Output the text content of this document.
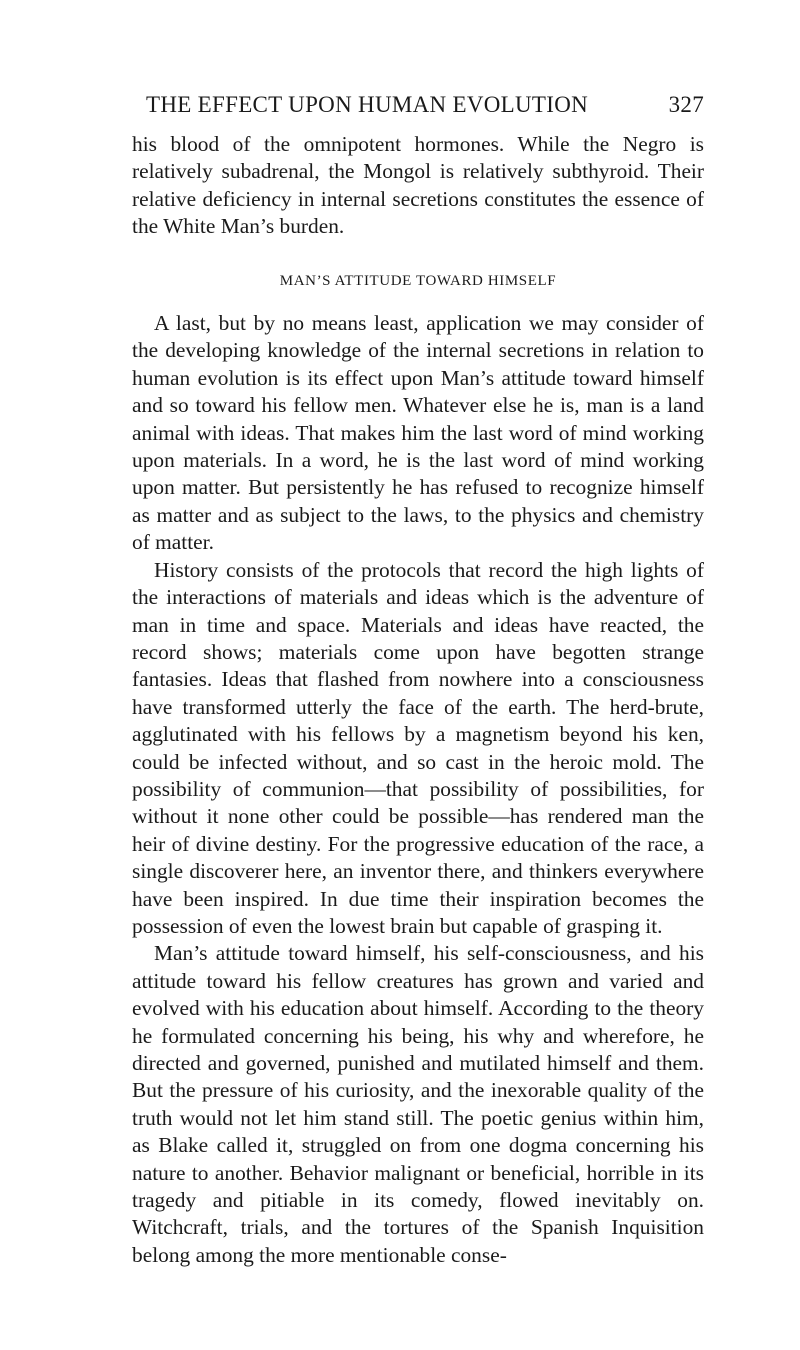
THE EFFECT UPON HUMAN EVOLUTION	327

his blood of the omnipotent hormones. While the Negro is relatively subadrenal, the Mongol is relatively subthyroid. Their relative deficiency in internal secretions constitutes the essence of the White Man’s burden.

MAN’S ATTITUDE TOWARD HIMSELF

A last, but by no means least, application we may consider of the developing knowledge of the internal secretions in relation to human evolution is its effect upon Man’s attitude toward himself and so toward his fellow men. Whatever else he is, man is a land animal with ideas. That makes him the last word of mind working upon materials. In a word, he is the last word of mind working upon matter. But persistently he has refused to recognize himself as matter and as subject to the laws, to the physics and chemistry of matter.

History consists of the protocols that record the high lights of the interactions of materials and ideas which is the adventure of man in time and space. Materials and ideas have reacted, the record shows; materials come upon have begotten strange fantasies. Ideas that flashed from nowhere into a consciousness have transformed utterly the face of the earth. The herd-brute, agglutinated with his fellows by a magnetism beyond his ken, could be infected without, and so cast in the heroic mold. The possibility of communion—that possibility of possibilities, for without it none other could be possible—has rendered man the heir of divine destiny. For the progressive education of the race, a single discoverer here, an inventor there, and thinkers everywhere have been inspired. In due time their inspiration becomes the possession of even the lowest brain but capable of grasping it.

Man’s attitude toward himself, his self-consciousness, and his attitude toward his fellow creatures has grown and varied and evolved with his education about himself. According to the theory he formulated concerning his being, his why and wherefore, he directed and governed, punished and mutilated himself and them. But the pressure of his curiosity, and the inexorable quality of the truth would not let him stand still. The poetic genius within him, as Blake called it, struggled on from one dogma concerning his nature to another. Behavior malignant or beneficial, horrible in its tragedy and pitiable in its comedy, flowed inevitably on. Witchcraft, trials, and the tortures of the Spanish Inquisition belong among the more mentionable conse-
